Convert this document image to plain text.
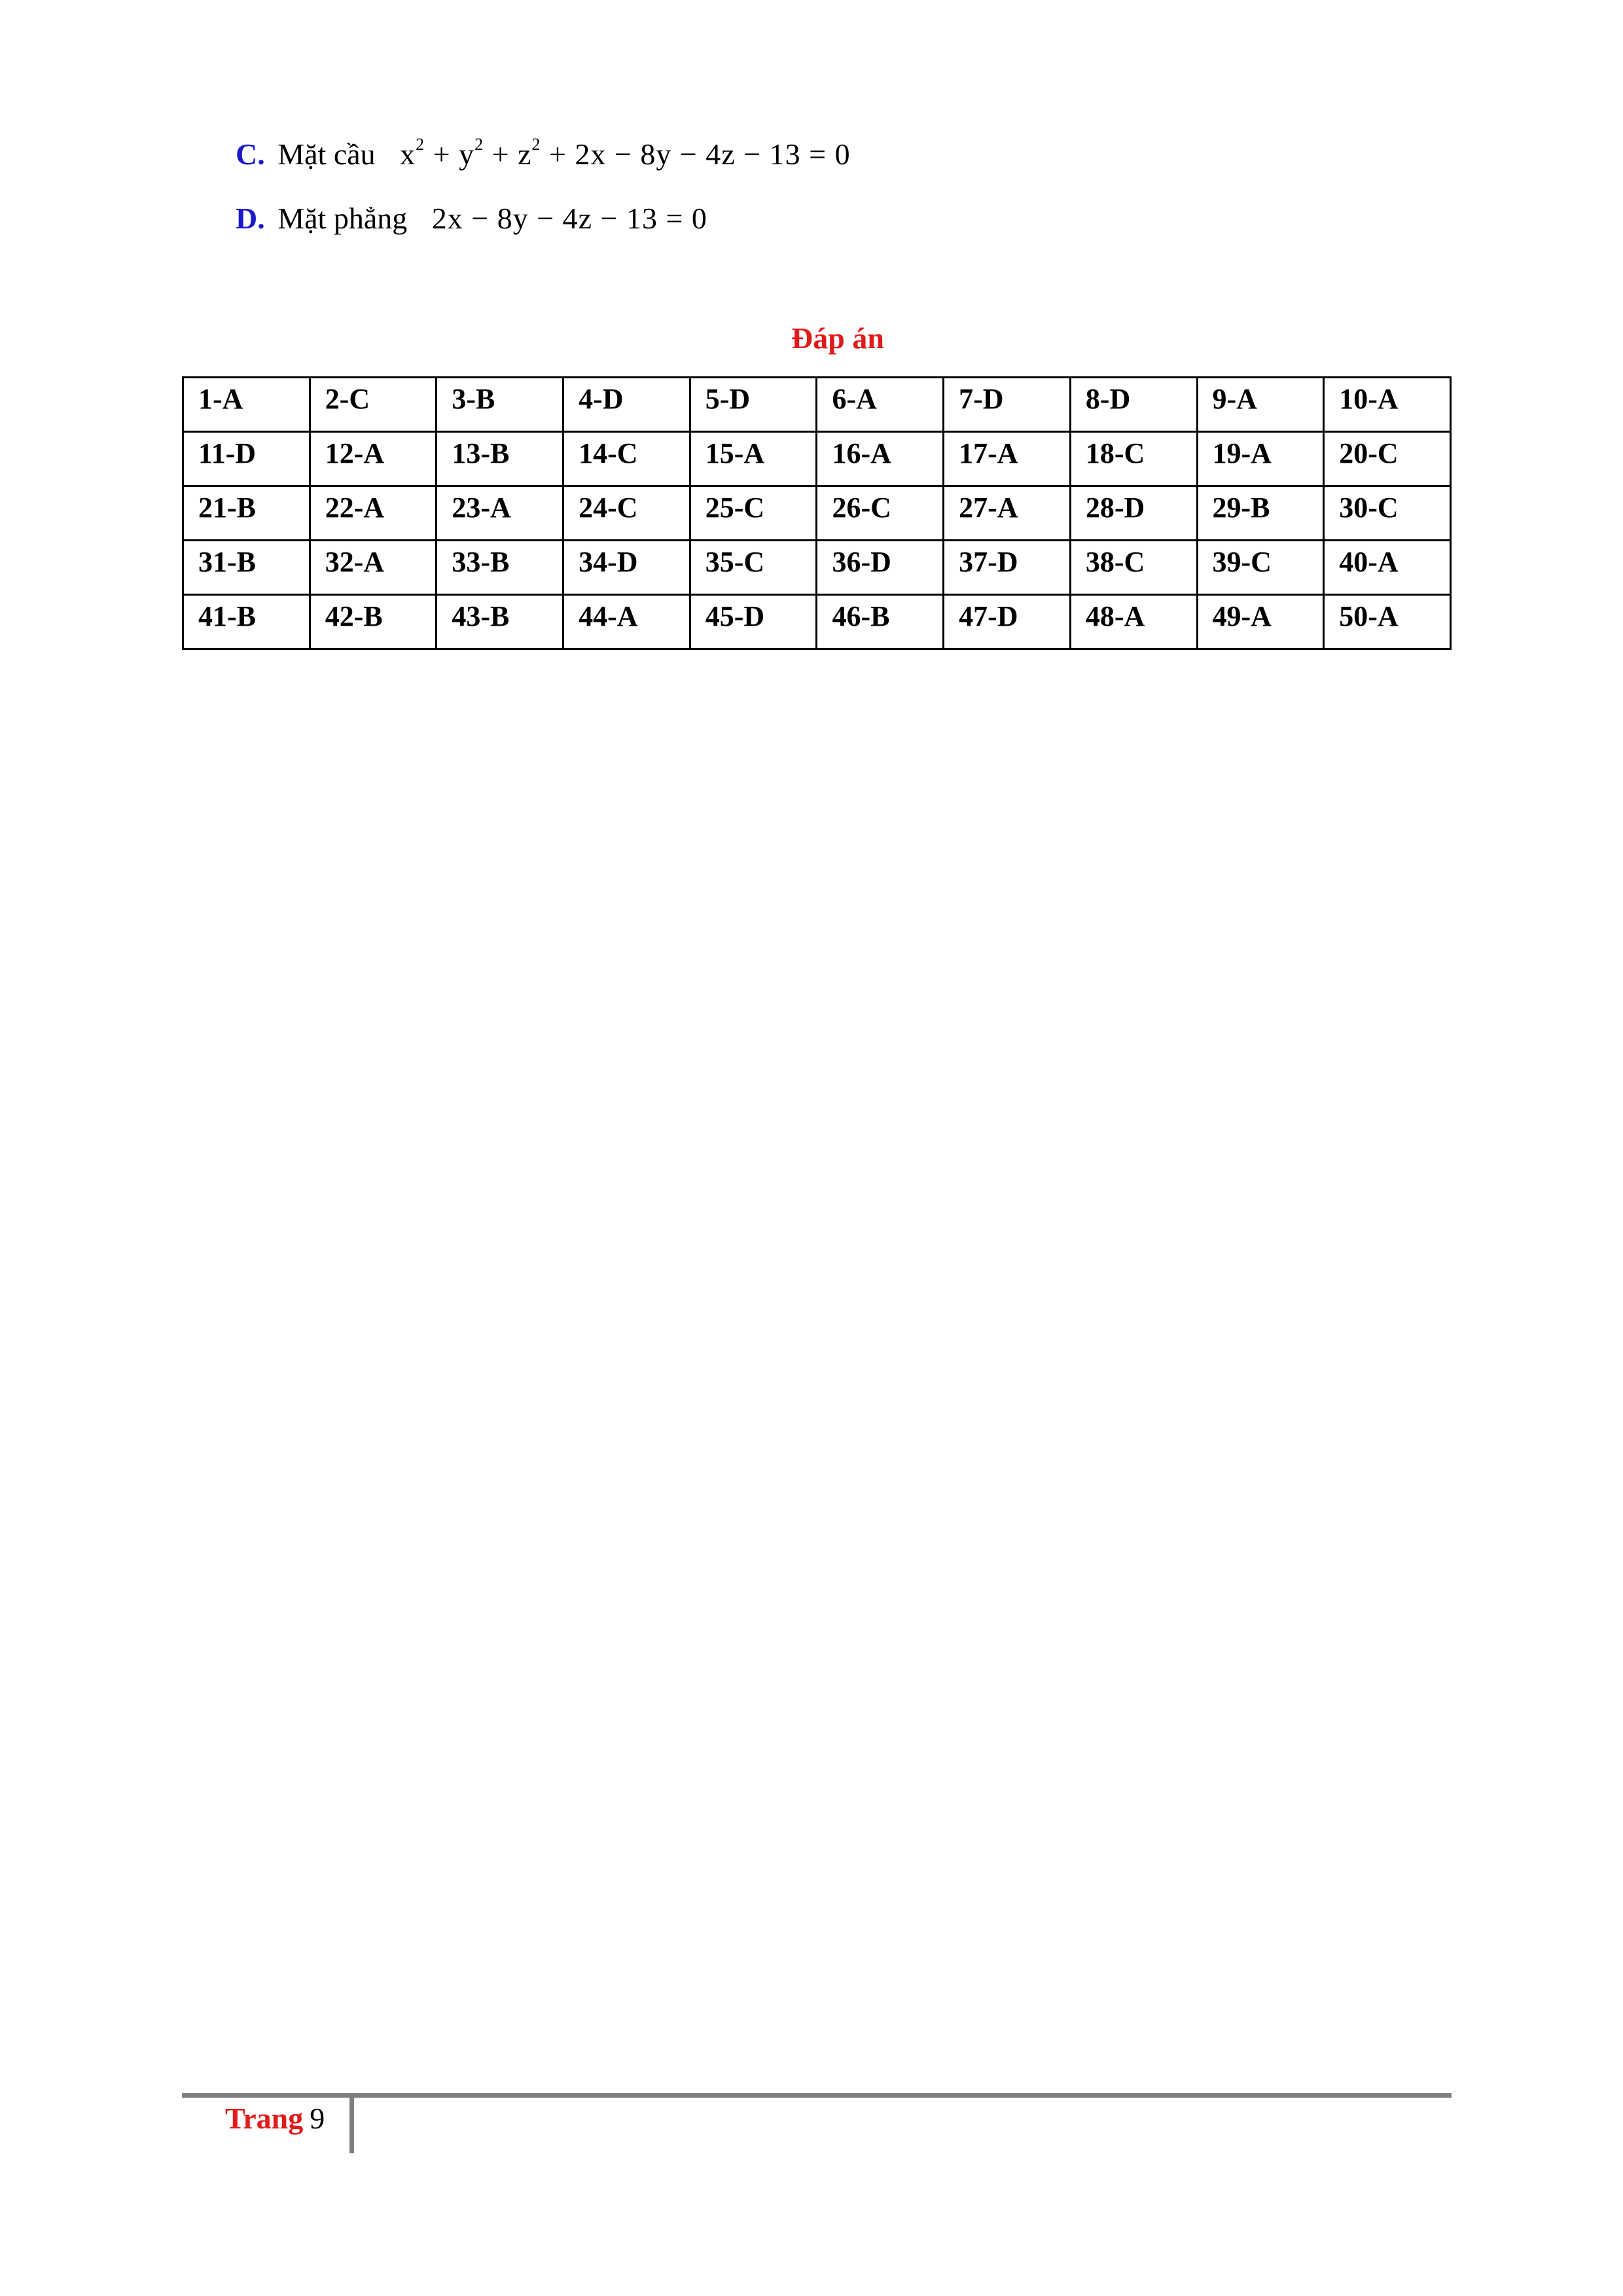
C. Mặt cầu $x^2 + y^2 + z^2 + 2x - 8y - 4z - 13 = 0$
D. Mặt phẳng 2x − 8y − 4z − 13 = 0
Đáp án
1-A	2-C	3-B	4-D	5-D	6-A	7-D	8-D	9-A	10-A
11-D	12-A	13-B	14-C	15-A	16-A	17-A	18-C	19-A	20-C
21-B	22-A	23-A	24-C	25-C	26-C	27-A	28-D	29-B	30-C
31-B	32-A	33-B	34-D	35-C	36-D	37-D	38-C	39-C	40-A
41-B	42-B	43-B	44-A	45-D	46-B	47-D	48-A	49-A	50-A
Trang 9
